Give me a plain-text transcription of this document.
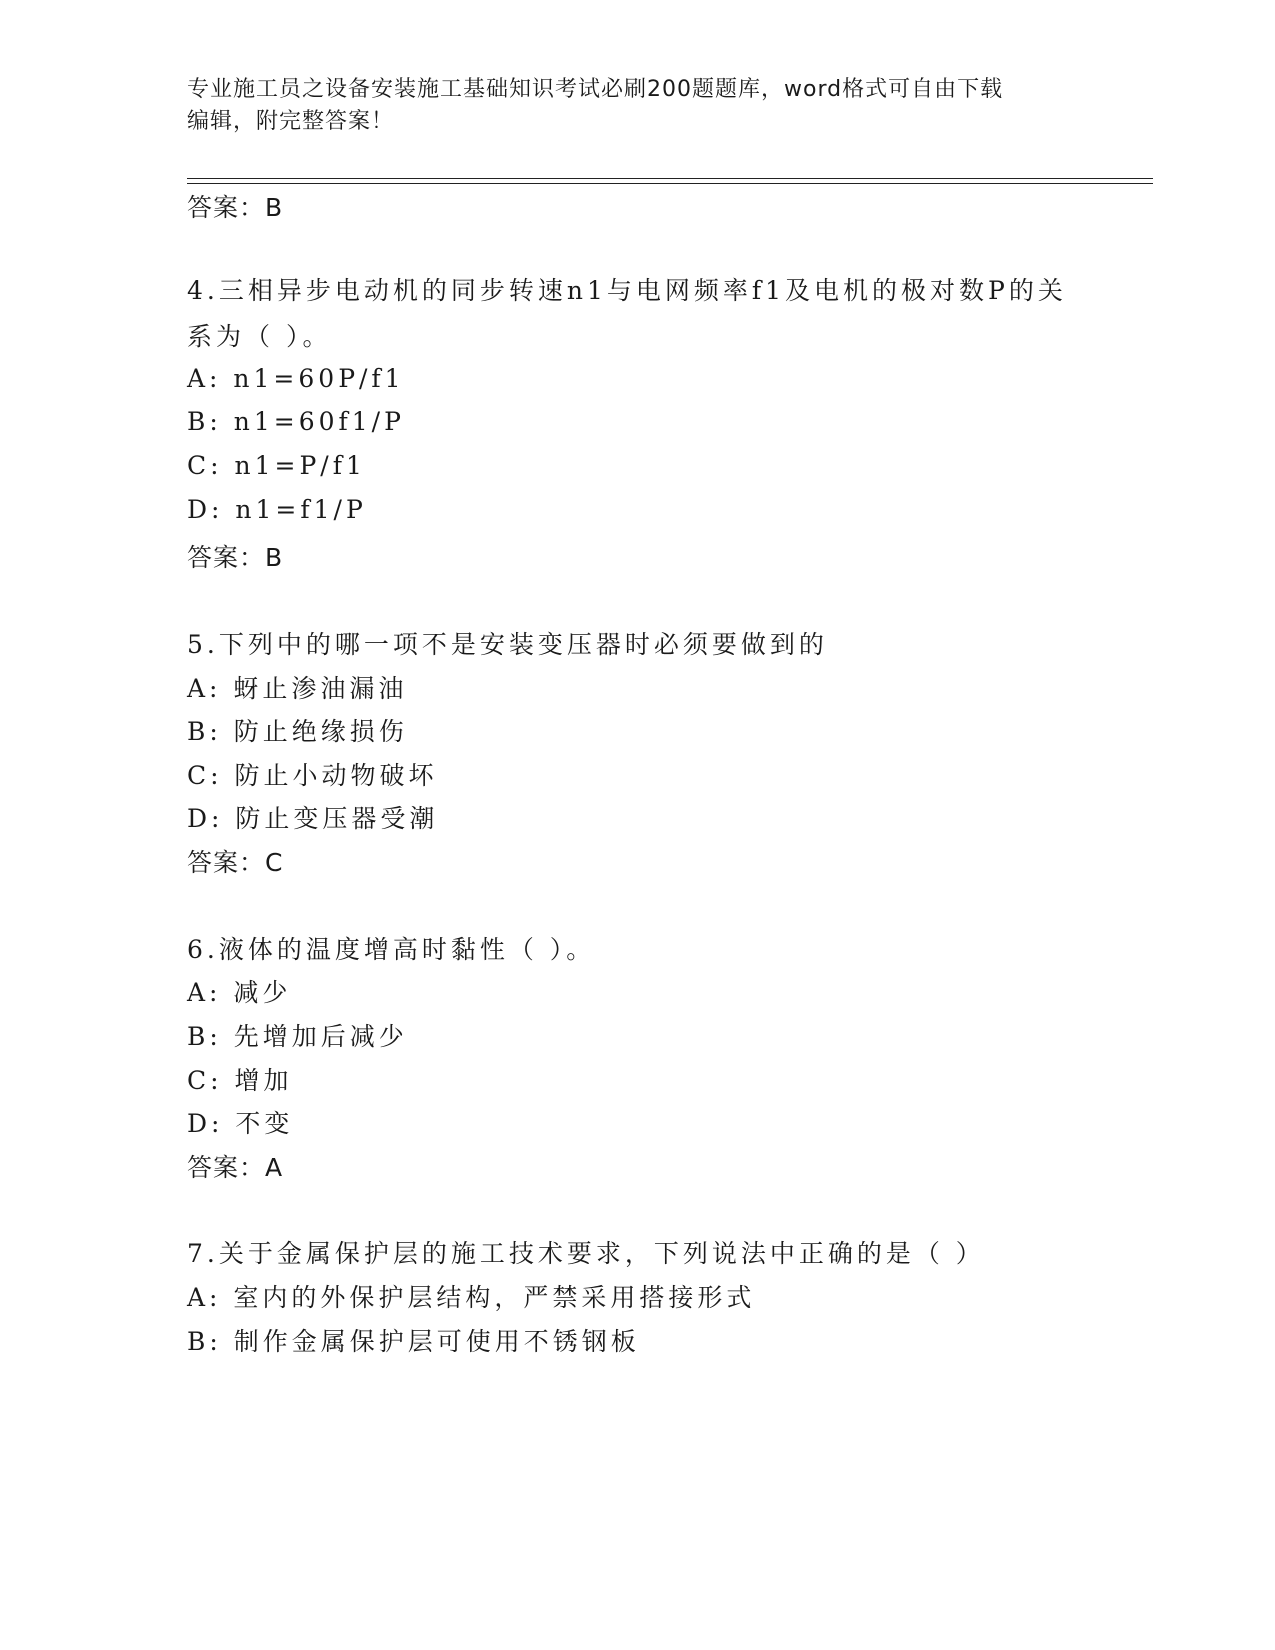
专业施工员之设备安装施工基础知识考试必刷200题题库，word格式可自由下载
编辑，附完整答案！
答案：B
4.三相异步电动机的同步转速n1与电网频率f1及电机的极对数P的关系为（ ）。
A: n1=60P/f1
B: n1=60f1/P
C: n1=P/f1
D: n1=f1/P
答案：B
5.下列中的哪一项不是安装变压器时必须要做到的
A: 蚜止渗油漏油
B: 防止绝缘损伤
C: 防止小动物破坏
D: 防止变压器受潮
答案：C
6.液体的温度增高时黏性（ ）。
A: 减少
B: 先增加后减少
C: 增加
D: 不变
答案：A
7.关于金属保护层的施工技术要求，下列说法中正确的是（ ）
A: 室内的外保护层结构，严禁采用搭接形式
B: 制作金属保护层可使用不锈钢板
